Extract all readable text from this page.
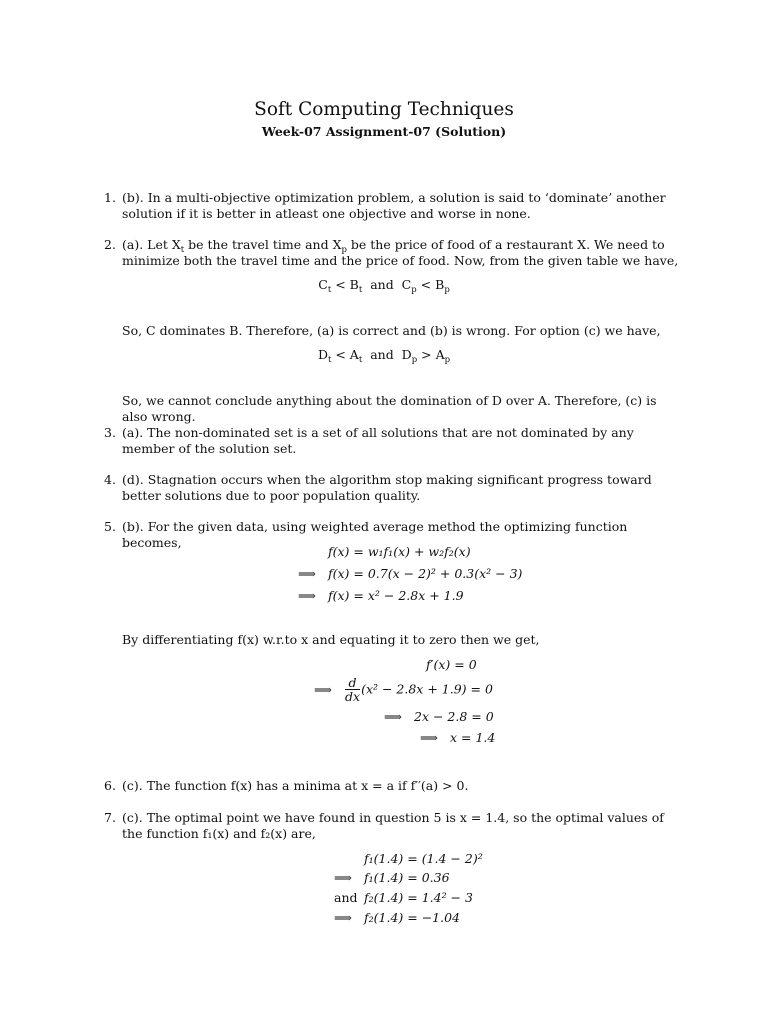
Soft Computing Techniques
Week-07 Assignment-07 (Solution)
1. (b). In a multi-objective optimization problem, a solution is said to ‘dominate’ another solution if it is better in atleast one objective and worse in none.
2. (a). Let $X_t$ be the travel time and $X_p$ be the price of food of a restaurant X. We need to minimize both the travel time and the price of food. Now, from the given table we have,
$C_t < B_t$  and  $C_p < B_p$
So, C dominates B. Therefore, (a) is correct and (b) is wrong. For option (c) we have,
$D_t < A_t$  and  $D_p > A_p$
So, we cannot conclude anything about the domination of D over A. Therefore, (c) is also wrong.
3. (a). The non-dominated set is a set of all solutions that are not dominated by any member of the solution set.
4. (d). Stagnation occurs when the algorithm stop making significant progress toward better solutions due to poor population quality.
5. (b). For the given data, using weighted average method the optimizing function becomes,
f(x) = w₁f₁(x) + w₂f₂(x)
⟹ f(x) = 0.7(x − 2)² + 0.3(x² − 3)
⟹ f(x) = x² − 2.8x + 1.9
By differentiating f(x) w.r.to x and equating it to zero then we get,
f′(x) = 0
⟹ $\frac{d}{dx} (x^2 - 2.8x + 1.9) = 0$
⟹ 2x − 2.8 = 0
⟹ x = 1.4
6. (c). The function f(x) has a minima at x = a if f′′(a) > 0.
7. (c). The optimal point we have found in question 5 is x = 1.4, so the optimal values of the function f₁(x) and f₂(x) are,
f₁(1.4) = (1.4 − 2)²
⟹ f₁(1.4) = 0.36
and f₂(1.4) = 1.4² − 3
⟹ f₂(1.4) = −1.04
